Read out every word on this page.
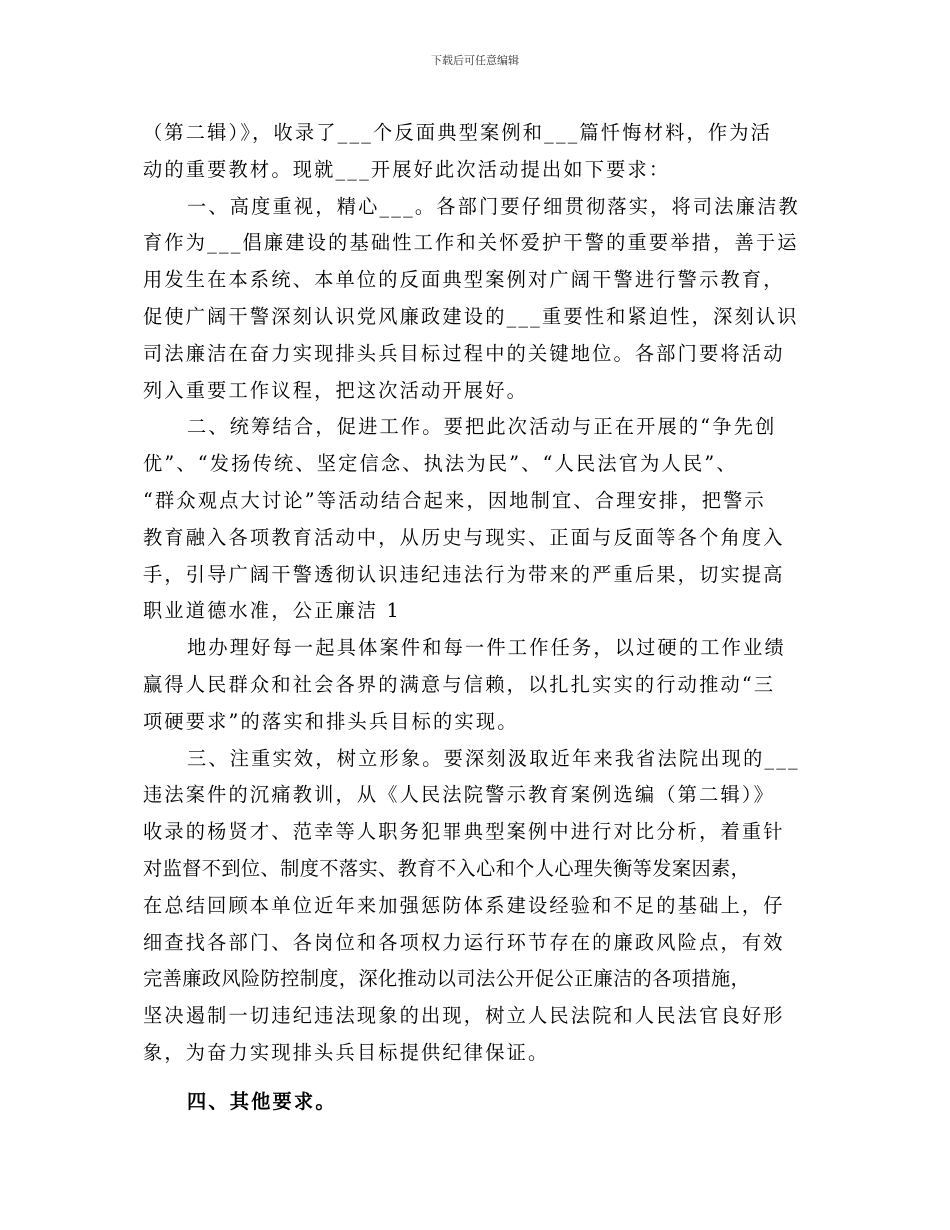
下载后可任意编辑
（第二辑）》，收录了___个反面典型案例和___篇忏悔材料，作为活
动的重要教材。现就___开展好此次活动提出如下要求：
一、高度重视，精心___。各部门要仔细贯彻落实，将司法廉洁教
育作为___倡廉建设的基础性工作和关怀爱护干警的重要举措，善于运
用发生在本系统、本单位的反面典型案例对广阔干警进行警示教育，
促使广阔干警深刻认识党风廉政建设的___重要性和紧迫性，深刻认识
司法廉洁在奋力实现排头兵目标过程中的关键地位。各部门要将活动
列入重要工作议程，把这次活动开展好。
二、统筹结合，促进工作。要把此次活动与正在开展的“争先创
优”、“发扬传统、坚定信念、执法为民”、“人民法官为人民”、
“群众观点大讨论”等活动结合起来，因地制宜、合理安排，把警示
教育融入各项教育活动中，从历史与现实、正面与反面等各个角度入
手，引导广阔干警透彻认识违纪违法行为带来的严重后果，切实提高
职业道德水准，公正廉洁 1
地办理好每一起具体案件和每一件工作任务，以过硬的工作业绩
赢得人民群众和社会各界的满意与信赖，以扎扎实实的行动推动“三
项硬要求”的落实和排头兵目标的实现。
三、注重实效，树立形象。要深刻汲取近年来我省法院出现的___
违法案件的沉痛教训，从《人民法院警示教育案例选编（第二辑）》
收录的杨贤才、范幸等人职务犯罪典型案例中进行对比分析，着重针
对监督不到位、制度不落实、教育不入心和个人心理失衡等发案因素，
在总结回顾本单位近年来加强惩防体系建设经验和不足的基础上，仔
细查找各部门、各岗位和各项权力运行环节存在的廉政风险点，有效
完善廉政风险防控制度，深化推动以司法公开促公正廉洁的各项措施，
坚决遏制一切违纪违法现象的出现，树立人民法院和人民法官良好形
象，为奋力实现排头兵目标提供纪律保证。
四、其他要求。
